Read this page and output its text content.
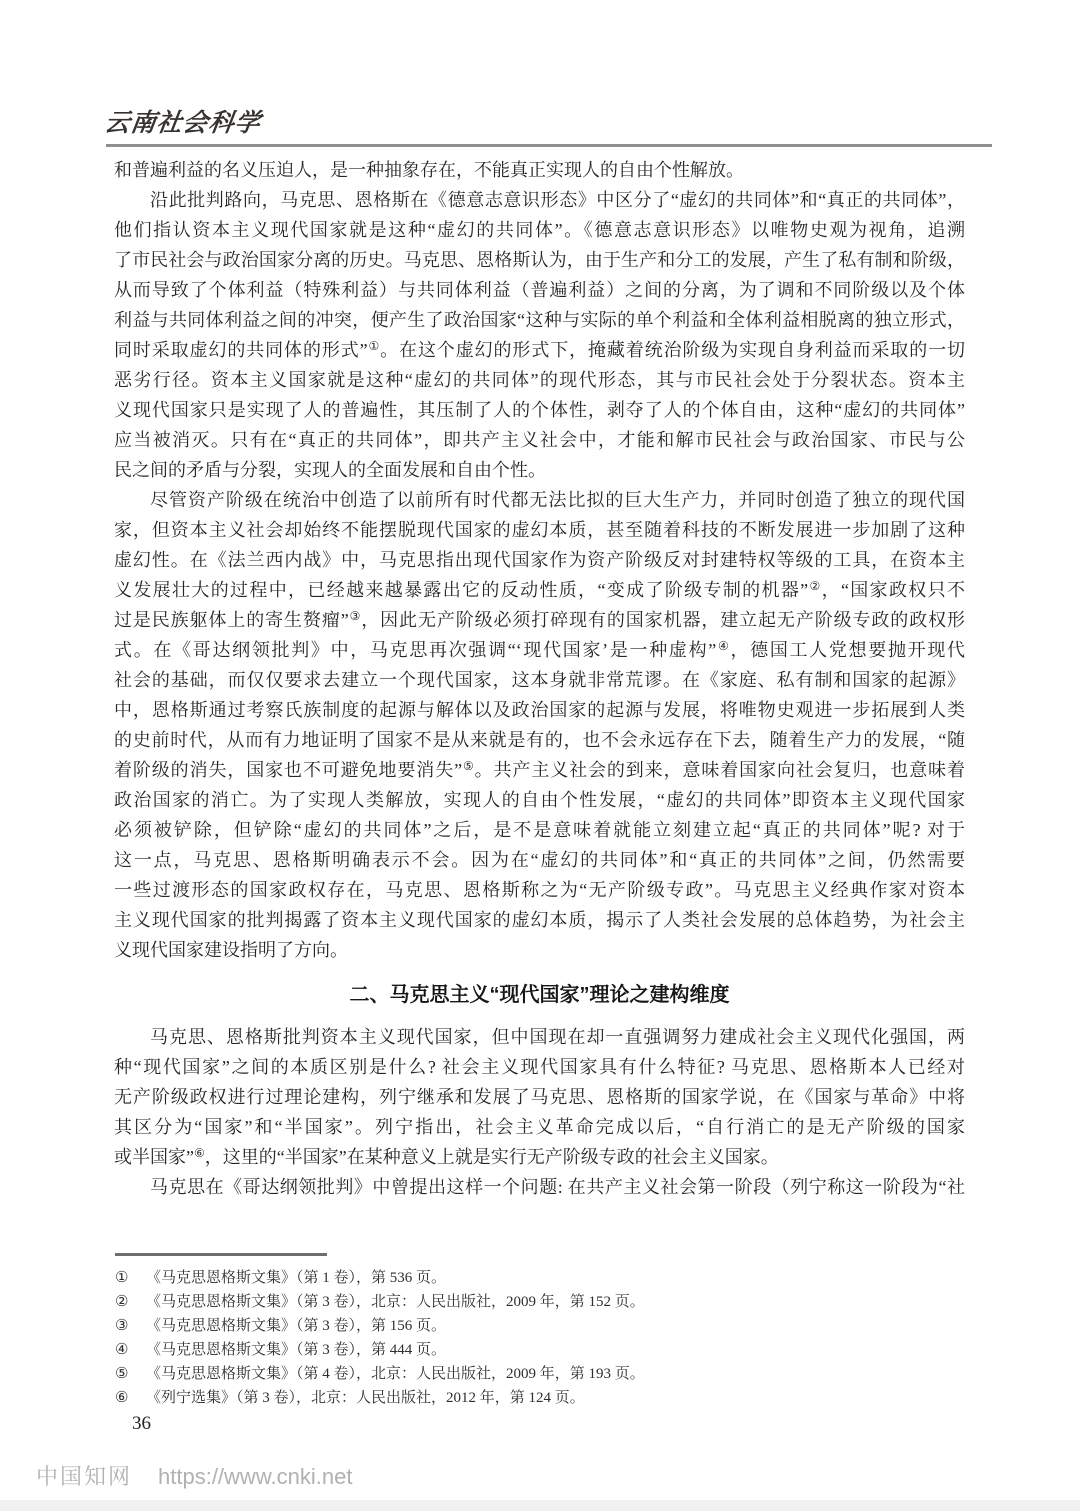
云南社会科学
和普遍利益的名义压迫人，是一种抽象存在，不能真正实现人的自由个性解放。
沿此批判路向，马克思、恩格斯在《德意志意识形态》中区分了“虚幻的共同体”和“真正的共同体”，
他们指认资本主义现代国家就是这种“虚幻的共同体”。《德意志意识形态》以唯物史观为视角，追溯
了市民社会与政治国家分离的历史。马克思、恩格斯认为，由于生产和分工的发展，产生了私有制和阶级，
从而导致了个体利益（特殊利益）与共同体利益（普遍利益）之间的分离，为了调和不同阶级以及个体
利益与共同体利益之间的冲突，便产生了政治国家“这种与实际的单个利益和全体利益相脱离的独立形式，
同时采取虚幻的共同体的形式”①。在这个虚幻的形式下，掩藏着统治阶级为实现自身利益而采取的一切
恶劣行径。资本主义国家就是这种“虚幻的共同体”的现代形态，其与市民社会处于分裂状态。资本主
义现代国家只是实现了人的普遍性，其压制了人的个体性，剥夺了人的个体自由，这种“虚幻的共同体”
应当被消灭。只有在“真正的共同体”，即共产主义社会中，才能和解市民社会与政治国家、市民与公
民之间的矛盾与分裂，实现人的全面发展和自由个性。
尽管资产阶级在统治中创造了以前所有时代都无法比拟的巨大生产力，并同时创造了独立的现代国
家，但资本主义社会却始终不能摆脱现代国家的虚幻本质，甚至随着科技的不断发展进一步加剧了这种
虚幻性。在《法兰西内战》中，马克思指出现代国家作为资产阶级反对封建特权等级的工具，在资本主
义发展壮大的过程中，已经越来越暴露出它的反动性质，“变成了阶级专制的机器”②，“国家政权只不
过是民族躯体上的寄生赘瘤”③，因此无产阶级必须打碎现有的国家机器，建立起无产阶级专政的政权形
式。在《哥达纲领批判》中，马克思再次强调“‘现代国家’是一种虚构”④，德国工人党想要抛开现代
社会的基础，而仅仅要求去建立一个现代国家，这本身就非常荒谬。在《家庭、私有制和国家的起源》
中，恩格斯通过考察氏族制度的起源与解体以及政治国家的起源与发展，将唯物史观进一步拓展到人类
的史前时代，从而有力地证明了国家不是从来就是有的，也不会永远存在下去，随着生产力的发展，“随
着阶级的消失，国家也不可避免地要消失”⑤。共产主义社会的到来，意味着国家向社会复归，也意味着
政治国家的消亡。为了实现人类解放，实现人的自由个性发展，“虚幻的共同体”即资本主义现代国家
必须被铲除，但铲除“虚幻的共同体”之后，是不是意味着就能立刻建立起“真正的共同体”呢? 对于
这一点，马克思、恩格斯明确表示不会。因为在“虚幻的共同体”和“真正的共同体”之间，仍然需要
一些过渡形态的国家政权存在，马克思、恩格斯称之为“无产阶级专政”。马克思主义经典作家对资本
主义现代国家的批判揭露了资本主义现代国家的虚幻本质，揭示了人类社会发展的总体趋势，为社会主
义现代国家建设指明了方向。
二、马克思主义“现代国家”理论之建构维度
马克思、恩格斯批判资本主义现代国家，但中国现在却一直强调努力建成社会主义现代化强国，两
种“现代国家”之间的本质区别是什么? 社会主义现代国家具有什么特征? 马克思、恩格斯本人已经对
无产阶级政权进行过理论建构，列宁继承和发展了马克思、恩格斯的国家学说，在《国家与革命》中将
其区分为“国家”和“半国家”。列宁指出，社会主义革命完成以后，“自行消亡的是无产阶级的国家
或半国家”⑥，这里的“半国家”在某种意义上就是实行无产阶级专政的社会主义国家。
马克思在《哥达纲领批判》中曾提出这样一个问题: 在共产主义社会第一阶段（列宁称这一阶段为“社
①	《马克思恩格斯文集》（第 1 卷），第 536 页。
②	《马克思恩格斯文集》（第 3 卷），北京：人民出版社，2009 年，第 152 页。
③	《马克思恩格斯文集》（第 3 卷），第 156 页。
④	《马克思恩格斯文集》（第 3 卷），第 444 页。
⑤	《马克思恩格斯文集》（第 4 卷），北京：人民出版社，2009 年，第 193 页。
⑥	《列宁选集》（第 3 卷），北京：人民出版社，2012 年，第 124 页。
36
中国知网 https://www.cnki.net
